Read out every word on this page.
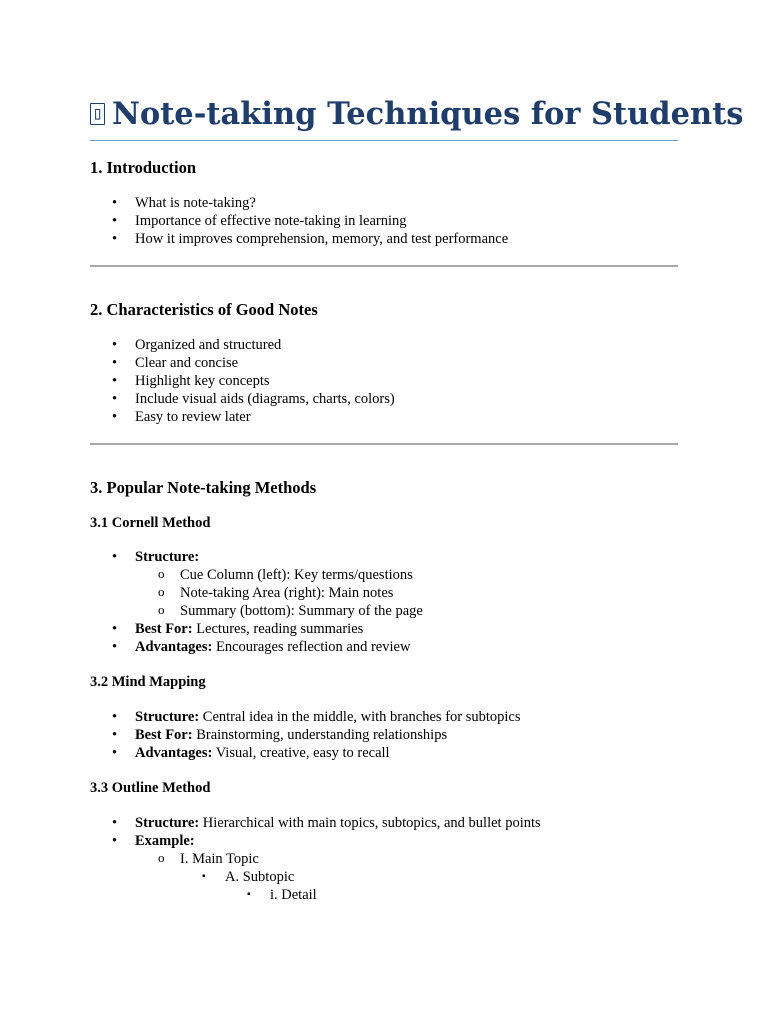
▯ Note-taking Techniques for Students
1. Introduction
• What is note-taking?
• Importance of effective note-taking in learning
• How it improves comprehension, memory, and test performance
2. Characteristics of Good Notes
• Organized and structured
• Clear and concise
• Highlight key concepts
• Include visual aids (diagrams, charts, colors)
• Easy to review later
3. Popular Note-taking Methods
3.1 Cornell Method
• Structure:
o Cue Column (left): Key terms/questions
o Note-taking Area (right): Main notes
o Summary (bottom): Summary of the page
• Best For: Lectures, reading summaries
• Advantages: Encourages reflection and review
3.2 Mind Mapping
• Structure: Central idea in the middle, with branches for subtopics
• Best For: Brainstorming, understanding relationships
• Advantages: Visual, creative, easy to recall
3.3 Outline Method
• Structure: Hierarchical with main topics, subtopics, and bullet points
• Example:
o I. Main Topic
▪ A. Subtopic
▪ i. Detail
